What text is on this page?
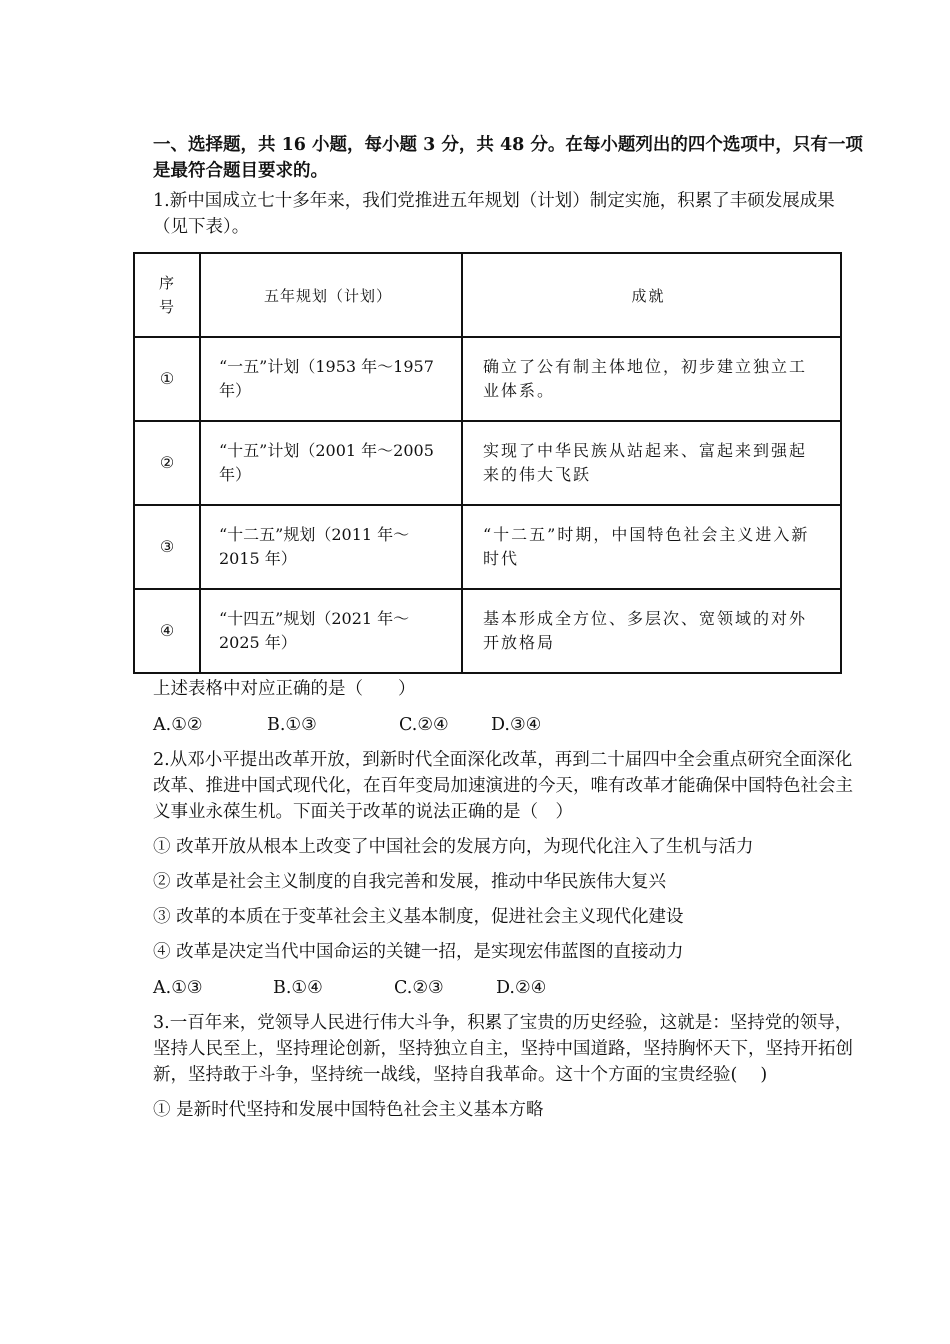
一、选择题，共 16 小题，每小题 3 分，共 48 分。在每小题列出的四个选项中，只有一项是最符合题目要求的。

1.新中国成立七十多年来，我们党推进五年规划（计划）制定实施，积累了丰硕发展成果（见下表）。

序号	五年规划（计划）	成就
①	“一五”计划（1953 年～1957 年）	确立了公有制主体地位，初步建立独立工业体系。
②	“十五”计划（2001 年～2005 年）	实现了中华民族从站起来、富起来到强起来的伟大飞跃
③	“十二五”规划（2011 年～2015 年）	“十二五”时期，中国特色社会主义进入新时代
④	“十四五”规划（2021 年～2025 年）	基本形成全方位、多层次、宽领域的对外开放格局

上述表格中对应正确的是（　　）

A.①②	B.①③	C.②④	D.③④

2.从邓小平提出改革开放，到新时代全面深化改革，再到二十届四中全会重点研究全面深化改革、推进中国式现代化，在百年变局加速演进的今天，唯有改革才能确保中国特色社会主义事业永葆生机。下面关于改革的说法正确的是（　）

① 改革开放从根本上改变了中国社会的发展方向，为现代化注入了生机与活力

② 改革是社会主义制度的自我完善和发展，推动中华民族伟大复兴

③ 改革的本质在于变革社会主义基本制度，促进社会主义现代化建设

④ 改革是决定当代中国命运的关键一招，是实现宏伟蓝图的直接动力

A.①③	B.①④	C.②③	D.②④

3.一百年来，党领导人民进行伟大斗争，积累了宝贵的历史经验，这就是：坚持党的领导，坚持人民至上，坚持理论创新，坚持独立自主，坚持中国道路，坚持胸怀天下，坚持开拓创新，坚持敢于斗争，坚持统一战线，坚持自我革命。这十个方面的宝贵经验(　 )

① 是新时代坚持和发展中国特色社会主义基本方略
